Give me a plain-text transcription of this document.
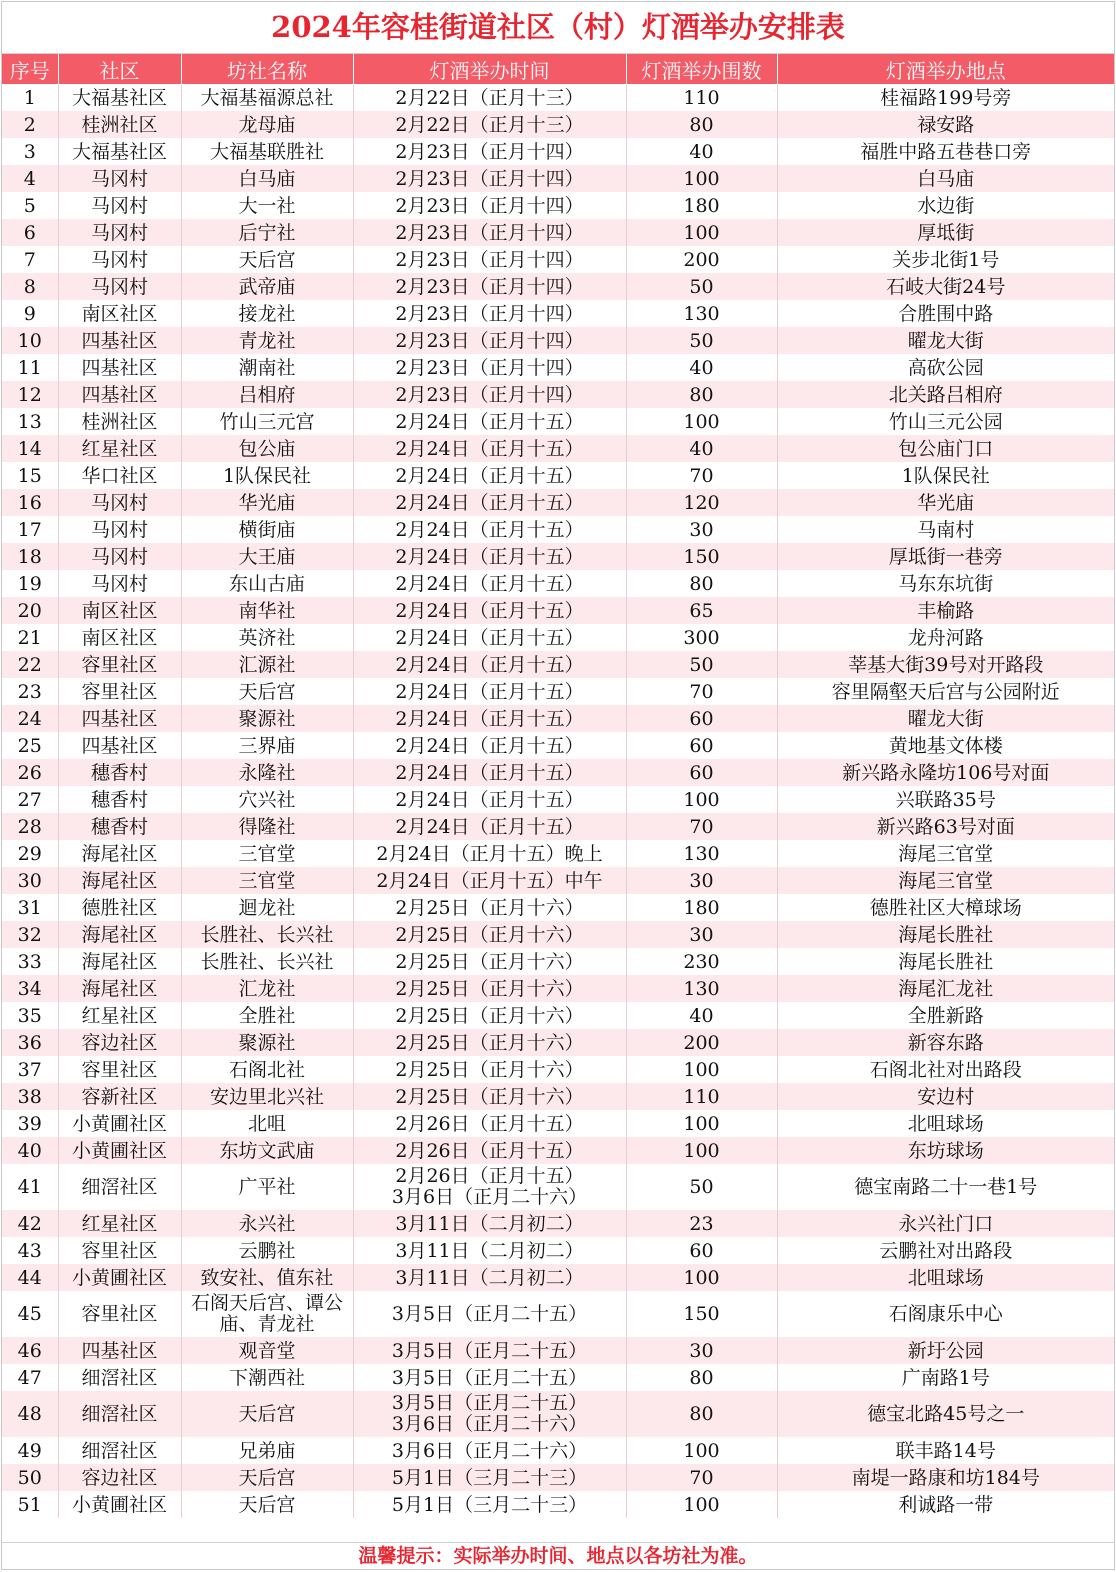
2024年容桂街道社区（村）灯酒举办安排表
序号	社区	坊社名称	灯酒举办时间	灯酒举办围数	灯酒举办地点
1	大福基社区	大福基福源总社	2月22日（正月十三）	110	桂福路199号旁
2	桂洲社区	龙母庙	2月22日（正月十三）	80	禄安路
3	大福基社区	大福基联胜社	2月23日（正月十四）	40	福胜中路五巷巷口旁
4	马冈村	白马庙	2月23日（正月十四）	100	白马庙
5	马冈村	大一社	2月23日（正月十四）	180	水边街
6	马冈村	后宁社	2月23日（正月十四）	100	厚坻街
7	马冈村	天后宫	2月23日（正月十四）	200	关步北街1号
8	马冈村	武帝庙	2月23日（正月十四）	50	石岐大街24号
9	南区社区	接龙社	2月23日（正月十四）	130	合胜围中路
10	四基社区	青龙社	2月23日（正月十四）	50	曜龙大街
11	四基社区	潮南社	2月23日（正月十四）	40	高砍公园
12	四基社区	吕相府	2月23日（正月十四）	80	北关路吕相府
13	桂洲社区	竹山三元宫	2月24日（正月十五）	100	竹山三元公园
14	红星社区	包公庙	2月24日（正月十五）	40	包公庙门口
15	华口社区	1队保民社	2月24日（正月十五）	70	1队保民社
16	马冈村	华光庙	2月24日（正月十五）	120	华光庙
17	马冈村	横街庙	2月24日（正月十五）	30	马南村
18	马冈村	大王庙	2月24日（正月十五）	150	厚坻街一巷旁
19	马冈村	东山古庙	2月24日（正月十五）	80	马东东坑街
20	南区社区	南华社	2月24日（正月十五）	65	丰榆路
21	南区社区	英济社	2月24日（正月十五）	300	龙舟河路
22	容里社区	汇源社	2月24日（正月十五）	50	莘基大街39号对开路段
23	容里社区	天后宫	2月24日（正月十五）	70	容里隔壑天后宫与公园附近
24	四基社区	聚源社	2月24日（正月十五）	60	曜龙大街
25	四基社区	三界庙	2月24日（正月十五）	60	黄地基文体楼
26	穗香村	永隆社	2月24日（正月十五）	60	新兴路永隆坊106号对面
27	穗香村	穴兴社	2月24日（正月十五）	100	兴联路35号
28	穗香村	得隆社	2月24日（正月十五）	70	新兴路63号对面
29	海尾社区	三官堂	2月24日（正月十五）晚上	130	海尾三官堂
30	海尾社区	三官堂	2月24日（正月十五）中午	30	海尾三官堂
31	德胜社区	迴龙社	2月25日（正月十六）	180	德胜社区大樟球场
32	海尾社区	长胜社、长兴社	2月25日（正月十六）	30	海尾长胜社
33	海尾社区	长胜社、长兴社	2月25日（正月十六）	230	海尾长胜社
34	海尾社区	汇龙社	2月25日（正月十六）	130	海尾汇龙社
35	红星社区	全胜社	2月25日（正月十六）	40	全胜新路
36	容边社区	聚源社	2月25日（正月十六）	200	新容东路
37	容里社区	石阁北社	2月25日（正月十六）	100	石阁北社对出路段
38	容新社区	安边里北兴社	2月25日（正月十六）	110	安边村
39	小黄圃社区	北咀	2月26日（正月十五）	100	北咀球场
40	小黄圃社区	东坊文武庙	2月26日（正月十五）	100	东坊球场
41	细滘社区	广平社	2月26日（正月十五）
3月6日（正月二十六）	50	德宝南路二十一巷1号
42	红星社区	永兴社	3月11日（二月初二）	23	永兴社门口
43	容里社区	云鹏社	3月11日（二月初二）	60	云鹏社对出路段
44	小黄圃社区	致安社、值东社	3月11日（二月初二）	100	北咀球场
45	容里社区	石阁天后宫、谭公庙、青龙社	3月5日（正月二十五）	150	石阁康乐中心
46	四基社区	观音堂	3月5日（正月二十五）	30	新圩公园
47	细滘社区	下潮西社	3月5日（正月二十五）	80	广南路1号
48	细滘社区	天后宫	3月5日（正月二十五）
3月6日（正月二十六）	80	德宝北路45号之一
49	细滘社区	兄弟庙	3月6日（正月二十六）	100	联丰路14号
50	容边社区	天后宫	5月1日（三月二十三）	70	南堤一路康和坊184号
51	小黄圃社区	天后宫	5月1日（三月二十三）	100	利诚路一带
温馨提示：实际举办时间、地点以各坊社为准。
